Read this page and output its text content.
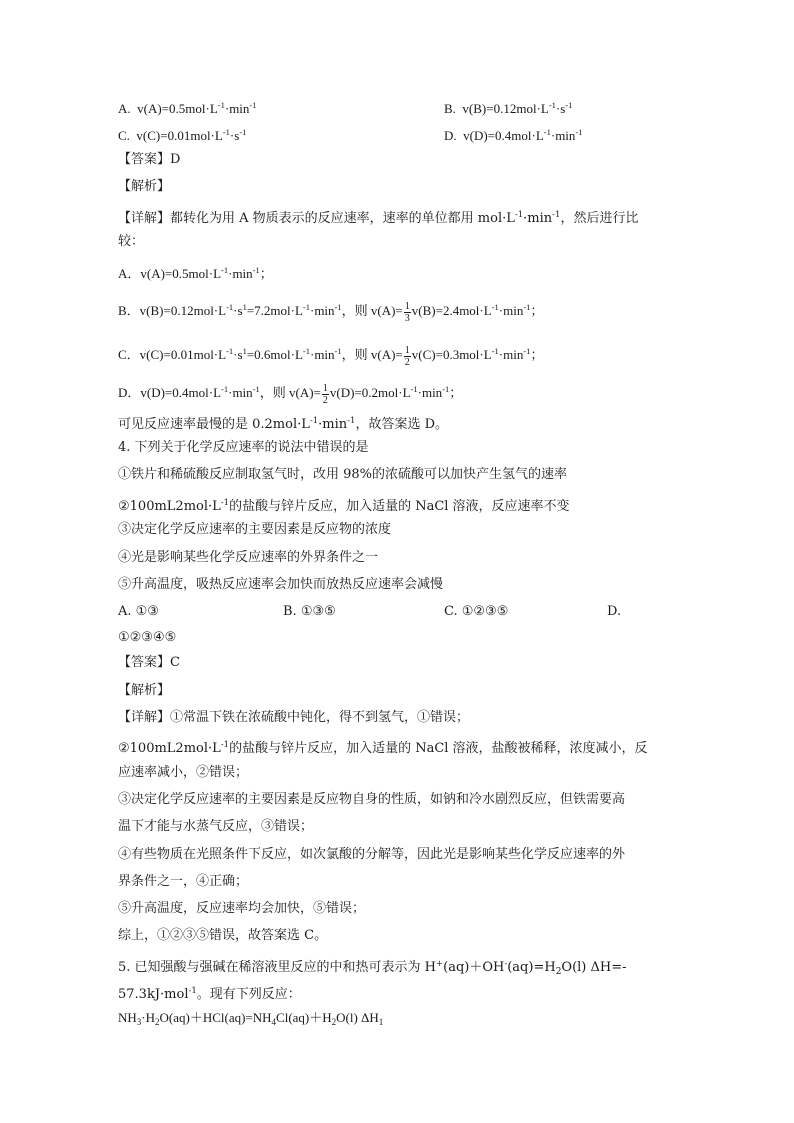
A. $v(A)=0.5mol\cdot L^{-1}\cdot\min^{-1}$	B. $v(B)=0.12mol\cdot L^{-1}\cdot s^{-1}$
C. $v(C)=0.01mol\cdot L^{-1}\cdot s^{-1}$	D. $v(D)=0.4mol\cdot L^{-1}\cdot\min^{-1}$
【答案】D
【解析】
【详解】都转化为用 A 物质表示的反应速率，速率的单位都用 $mol\cdot L^{-1}\cdot\min^{-1}$，然后进行比
较：
A．$v(A)=0.5mol\cdot L^{-1}\cdot\min^{-1}$；
B．$v(B)=0.12mol\cdot L^{-1}\cdot s^1=7.2mol\cdot L^{-1}\cdot\min^{-1}$，则 $v(A)= \frac{1}{3} v(B)=2.4mol\cdot L^{-1}\cdot\min^{-1}$；
C．$v(C)=0.01mol\cdot L^{-1}\cdot s^1=0.6mol\cdot L^{-1}\cdot\min^{-1}$，则 $v(A)= \frac{1}{2} v(C)=0.3mol\cdot L^{-1}\cdot\min^{-1}$；
D．$v(D)=0.4mol\cdot L^{-1}\cdot\min^{-1}$，则 $v(A)= \frac{1}{2} v(D)=0.2mol\cdot L^{-1}\cdot\min^{-1}$；
可见反应速率最慢的是 $0.2mol\cdot L^{-1}\cdot\min^{-1}$，故答案选 D。
4. 下列关于化学反应速率的说法中错误的是
①铁片和稀硫酸反应制取氢气时，改用 98%的浓硫酸可以加快产生氢气的速率
$②100mL2mol\cdot L^{-1}$的盐酸与锌片反应，加入适量的 NaCl 溶液，反应速率不变
③决定化学反应速率的主要因素是反应物的浓度
④光是影响某些化学反应速率的外界条件之一
⑤升高温度，吸热反应速率会加快而放热反应速率会减慢
A. ①③	B. ①③⑤	C. ①②③⑤	D.
①②③④⑤
【答案】C
【解析】
【详解】①常温下铁在浓硫酸中钝化，得不到氢气，①错误；
$②100mL2mol\cdot L^{-1}$的盐酸与锌片反应，加入适量的 NaCl 溶液，盐酸被稀释，浓度减小，反
应速率减小，②错误；
③决定化学反应速率的主要因素是反应物自身的性质，如钠和冷水剧烈反应，但铁需要高
温下才能与水蒸气反应，③错误；
④有些物质在光照条件下反应，如次氯酸的分解等，因此光是影响某些化学反应速率的外
界条件之一，④正确；
⑤升高温度，反应速率均会加快，⑤错误；
综上，①②③⑤错误，故答案选 C。
5. 已知强酸与强碱在稀溶液里反应的中和热可表示为 $H^+(aq)+OH^-(aq)=H_2O(l)$ ΔH=-
57.3kJ·mol$^{-1}$。现有下列反应：
$NH_3\cdot H_2O(aq)+HCl(aq)=NH_4Cl(aq)+H_2O(l)$ $\Delta H_1$
